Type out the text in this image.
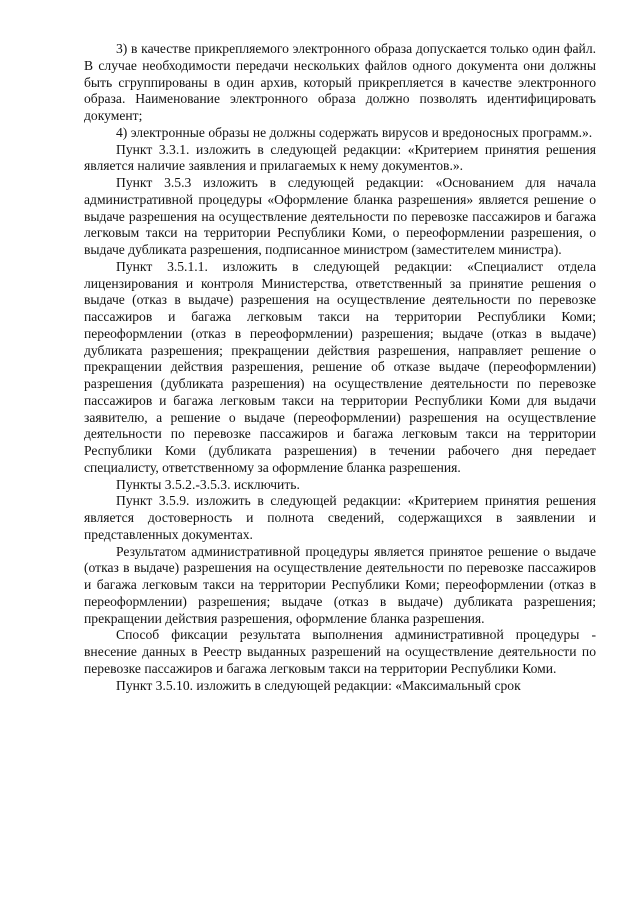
3) в качестве прикрепляемого электронного образа допускается только один файл. В случае необходимости передачи нескольких файлов одного документа они должны быть сгруппированы в один архив, который прикрепляется в качестве электронного образа. Наименование электронного образа должно позволять идентифицировать документ;

4) электронные образы не должны содержать вирусов и вредоносных программ.».

Пункт 3.3.1. изложить в следующей редакции: «Критерием принятия решения является наличие заявления и прилагаемых к нему документов.».

Пункт 3.5.3 изложить в следующей редакции: «Основанием для начала административной процедуры «Оформление бланка разрешения» является решение о выдаче разрешения на осуществление деятельности по перевозке пассажиров и багажа легковым такси на территории Республики Коми, о переоформлении разрешения, о выдаче дубликата разрешения, подписанное министром (заместителем министра).

Пункт 3.5.1.1. изложить в следующей редакции: «Специалист отдела лицензирования и контроля Министерства, ответственный за принятие решения о выдаче (отказ в выдаче) разрешения на осуществление деятельности по перевозке пассажиров и багажа легковым такси на территории Республики Коми; переоформлении (отказ в переоформлении) разрешения; выдаче (отказ в выдаче) дубликата разрешения; прекращении действия разрешения, направляет решение о прекращении действия разрешения, решение об отказе выдаче (переоформлении) разрешения (дубликата разрешения) на осуществление деятельности по перевозке пассажиров и багажа легковым такси на территории Республики Коми для выдачи заявителю, а решение о выдаче (переоформлении) разрешения на осуществление деятельности по перевозке пассажиров и багажа легковым такси на территории Республики Коми (дубликата разрешения) в течении рабочего дня передает специалисту, ответственному за оформление бланка разрешения.

Пункты 3.5.2.-3.5.3. исключить.

Пункт 3.5.9. изложить в следующей редакции: «Критерием принятия решения является достоверность и полнота сведений, содержащихся в заявлении и представленных документах.

Результатом административной процедуры является принятое решение о выдаче (отказ в выдаче) разрешения на осуществление деятельности по перевозке пассажиров и багажа легковым такси на территории Республики Коми; переоформлении (отказ в переоформлении) разрешения; выдаче (отказ в выдаче) дубликата разрешения; прекращении действия разрешения, оформление бланка разрешения.

Способ фиксации результата выполнения административной процедуры - внесение данных в Реестр выданных разрешений на осуществление деятельности по перевозке пассажиров и багажа легковым такси на территории Республики Коми.

Пункт 3.5.10. изложить в следующей редакции: «Максимальный срок
